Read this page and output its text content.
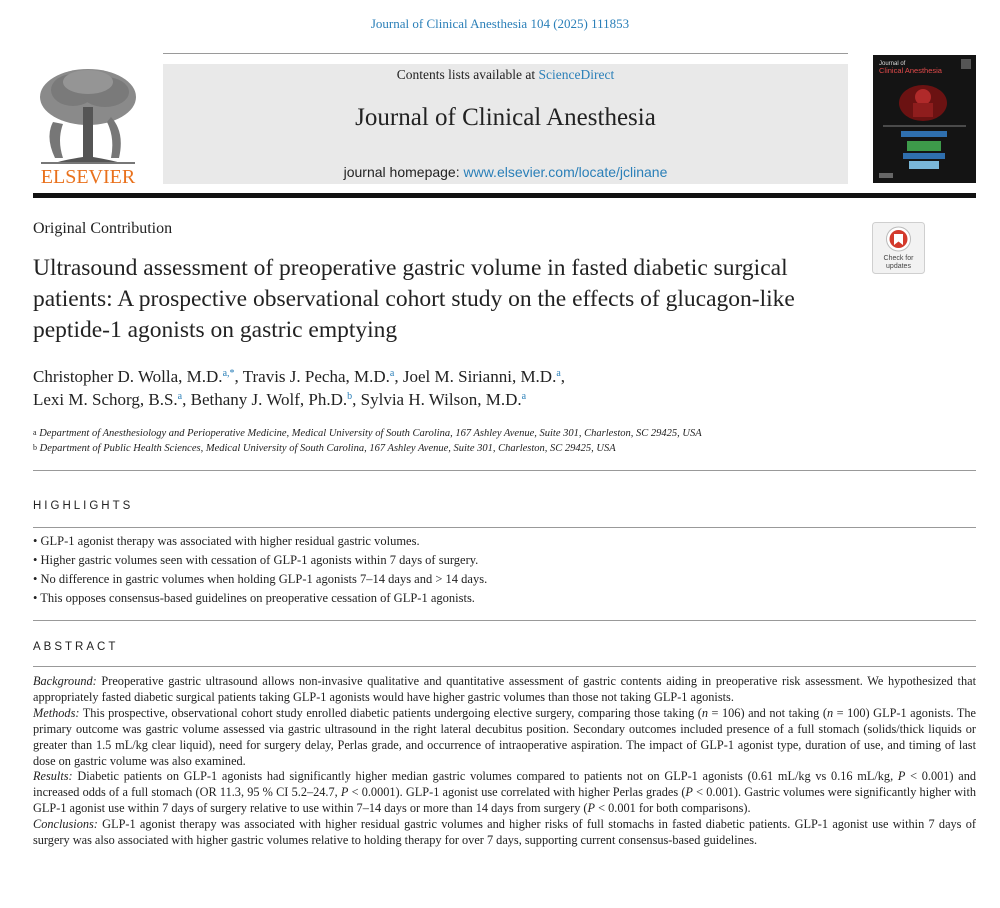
Journal of Clinical Anesthesia 104 (2025) 111853
ELSEVIER
Contents lists available at ScienceDirect
Journal of Clinical Anesthesia
journal homepage: www.elsevier.com/locate/jclinane
Journal of
Clinical Anesthesia
Original Contribution
Ultrasound assessment of preoperative gastric volume in fasted diabetic surgical patients: A prospective observational cohort study on the effects of glucagon-like peptide-1 agonists on gastric emptying
Check for
updates
Christopher D. Wolla, M.D.$^{a,*}$, Travis J. Pecha, M.D.$^a$, Joel M. Sirianni, M.D.$^a$,
Lexi M. Schorg, B.S.$^a$, Bethany J. Wolf, Ph.D.$^b$, Sylvia H. Wilson, M.D.$^a$
$^a$ Department of Anesthesiology and Perioperative Medicine, Medical University of South Carolina, 167 Ashley Avenue, Suite 301, Charleston, SC 29425, USA
$^b$ Department of Public Health Sciences, Medical University of South Carolina, 167 Ashley Avenue, Suite 301, Charleston, SC 29425, USA
HIGHLIGHTS
• GLP-1 agonist therapy was associated with higher residual gastric volumes.
• Higher gastric volumes seen with cessation of GLP-1 agonists within 7 days of surgery.
• No difference in gastric volumes when holding GLP-1 agonists 7–14 days and > 14 days.
• This opposes consensus-based guidelines on preoperative cessation of GLP-1 agonists.
ABSTRACT

Background: Preoperative gastric ultrasound allows non-invasive qualitative and quantitative assessment of gastric contents aiding in preoperative risk assessment. We hypothesized that appropriately fasted diabetic surgical patients taking GLP-1 agonists would have higher gastric volumes than those not taking GLP-1 agonists.

Methods: This prospective, observational cohort study enrolled diabetic patients undergoing elective surgery, comparing those taking (n = 106) and not taking (n = 100) GLP-1 agonists. The primary outcome was gastric volume assessed via gastric ultrasound in the right lateral decubitus position. Secondary outcomes included presence of a full stomach (solids/thick liquids or greater than 1.5 mL/kg clear liquid), need for surgery delay, Perlas grade, and occurrence of intraoperative aspiration. The impact of GLP-1 agonist type, duration of use, and timing of last dose on gastric volume was also examined.

Results: Diabetic patients on GLP-1 agonists had significantly higher median gastric volumes compared to patients not on GLP-1 agonists (0.61 mL/kg vs 0.16 mL/kg, P < 0.001) and increased odds of a full stomach (OR 11.3, 95 % CI 5.2–24.7, P < 0.0001). GLP-1 agonist use correlated with higher Perlas grades (P < 0.001). Gastric volumes were significantly higher with GLP-1 agonist use within 7 days of surgery relative to use within 7–14 days or more than 14 days from surgery (P < 0.001 for both comparisons).

Conclusions: GLP-1 agonist therapy was associated with higher residual gastric volumes and higher risks of full stomachs in fasted diabetic patients. GLP-1 agonist use within 7 days of surgery was also associated with higher gastric volumes relative to holding therapy for over 7 days, supporting current consensus-based guidelines.
